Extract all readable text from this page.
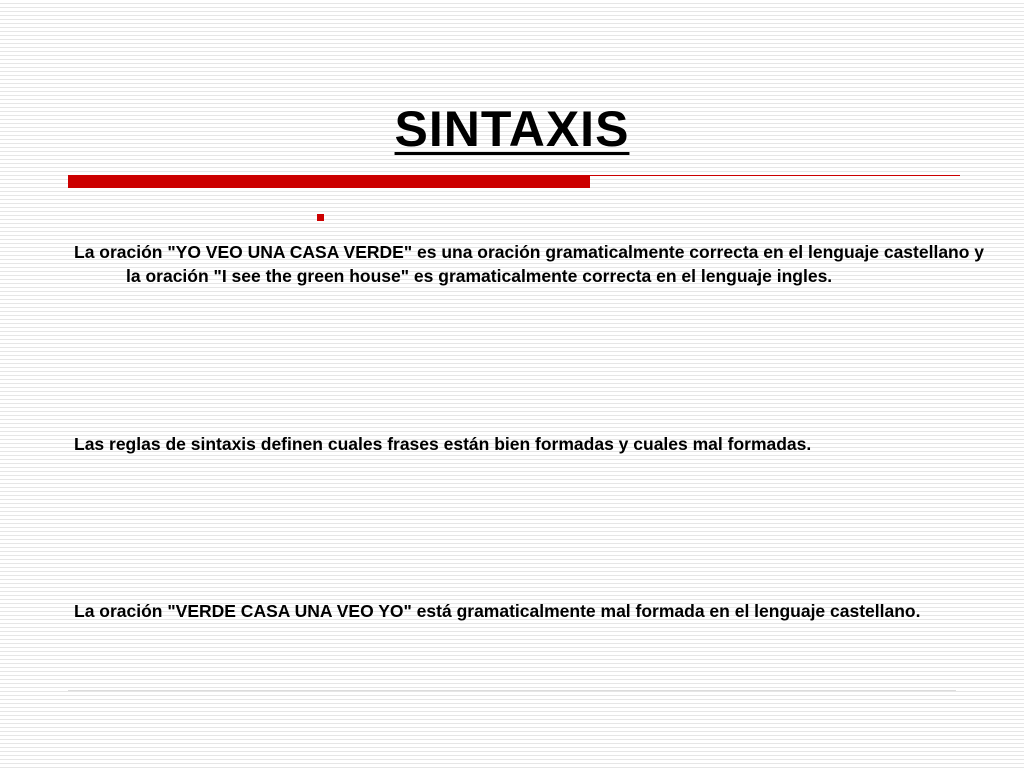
SINTAXIS

La oración "YO VEO UNA CASA VERDE" es una oración gramaticalmente correcta en el lenguaje castellano y la oración "I see the green house" es gramaticalmente correcta en el lenguaje ingles.

Las reglas de sintaxis definen cuales frases están bien formadas y cuales mal formadas.

La oración "VERDE CASA UNA VEO YO" está gramaticalmente mal formada en el lenguaje castellano.
